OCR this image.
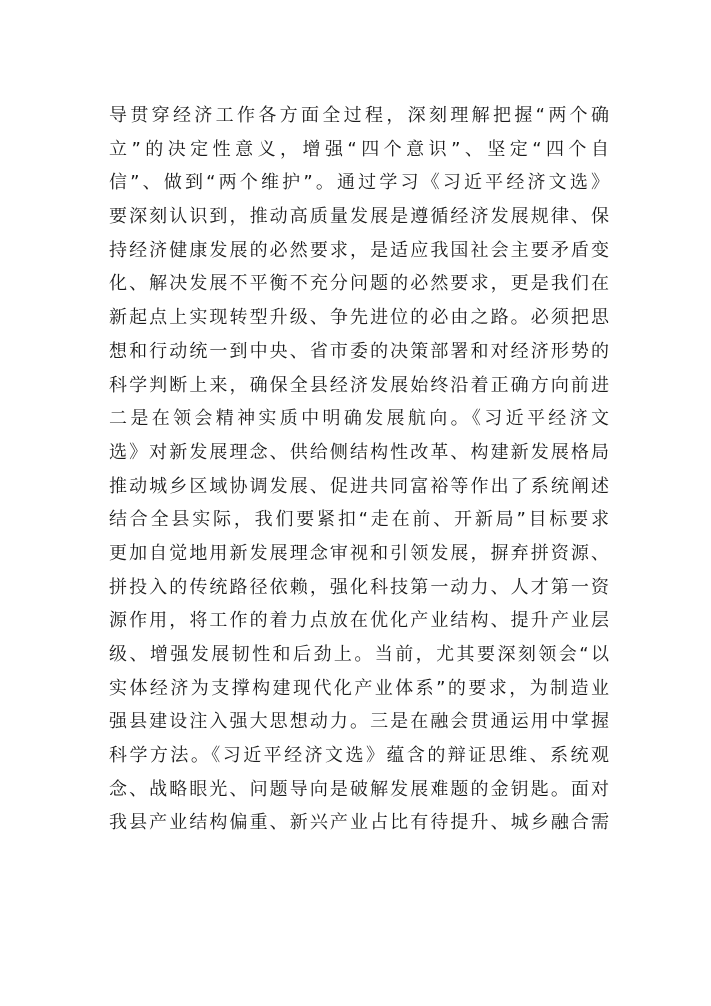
导贯穿经济工作各方面全过程，深刻理解把握“两个确
立”的决定性意义，增强“四个意识”、坚定“四个自
信”、做到“两个维护”。通过学习《习近平经济文选》
要深刻认识到，推动高质量发展是遵循经济发展规律、保
持经济健康发展的必然要求，是适应我国社会主要矛盾变
化、解决发展不平衡不充分问题的必然要求，更是我们在
新起点上实现转型升级、争先进位的必由之路。必须把思
想和行动统一到中央、省市委的决策部署和对经济形势的
科学判断上来，确保全县经济发展始终沿着正确方向前进
二是在领会精神实质中明确发展航向。《习近平经济文
选》对新发展理念、供给侧结构性改革、构建新发展格局
推动城乡区域协调发展、促进共同富裕等作出了系统阐述
结合全县实际，我们要紧扣“走在前、开新局”目标要求
更加自觉地用新发展理念审视和引领发展，摒弃拼资源、
拼投入的传统路径依赖，强化科技第一动力、人才第一资
源作用，将工作的着力点放在优化产业结构、提升产业层
级、增强发展韧性和后劲上。当前，尤其要深刻领会“以
实体经济为支撑构建现代化产业体系”的要求，为制造业
强县建设注入强大思想动力。三是在融会贯通运用中掌握
科学方法。《习近平经济文选》蕴含的辩证思维、系统观
念、战略眼光、问题导向是破解发展难题的金钥匙。面对
我县产业结构偏重、新兴产业占比有待提升、城乡融合需
